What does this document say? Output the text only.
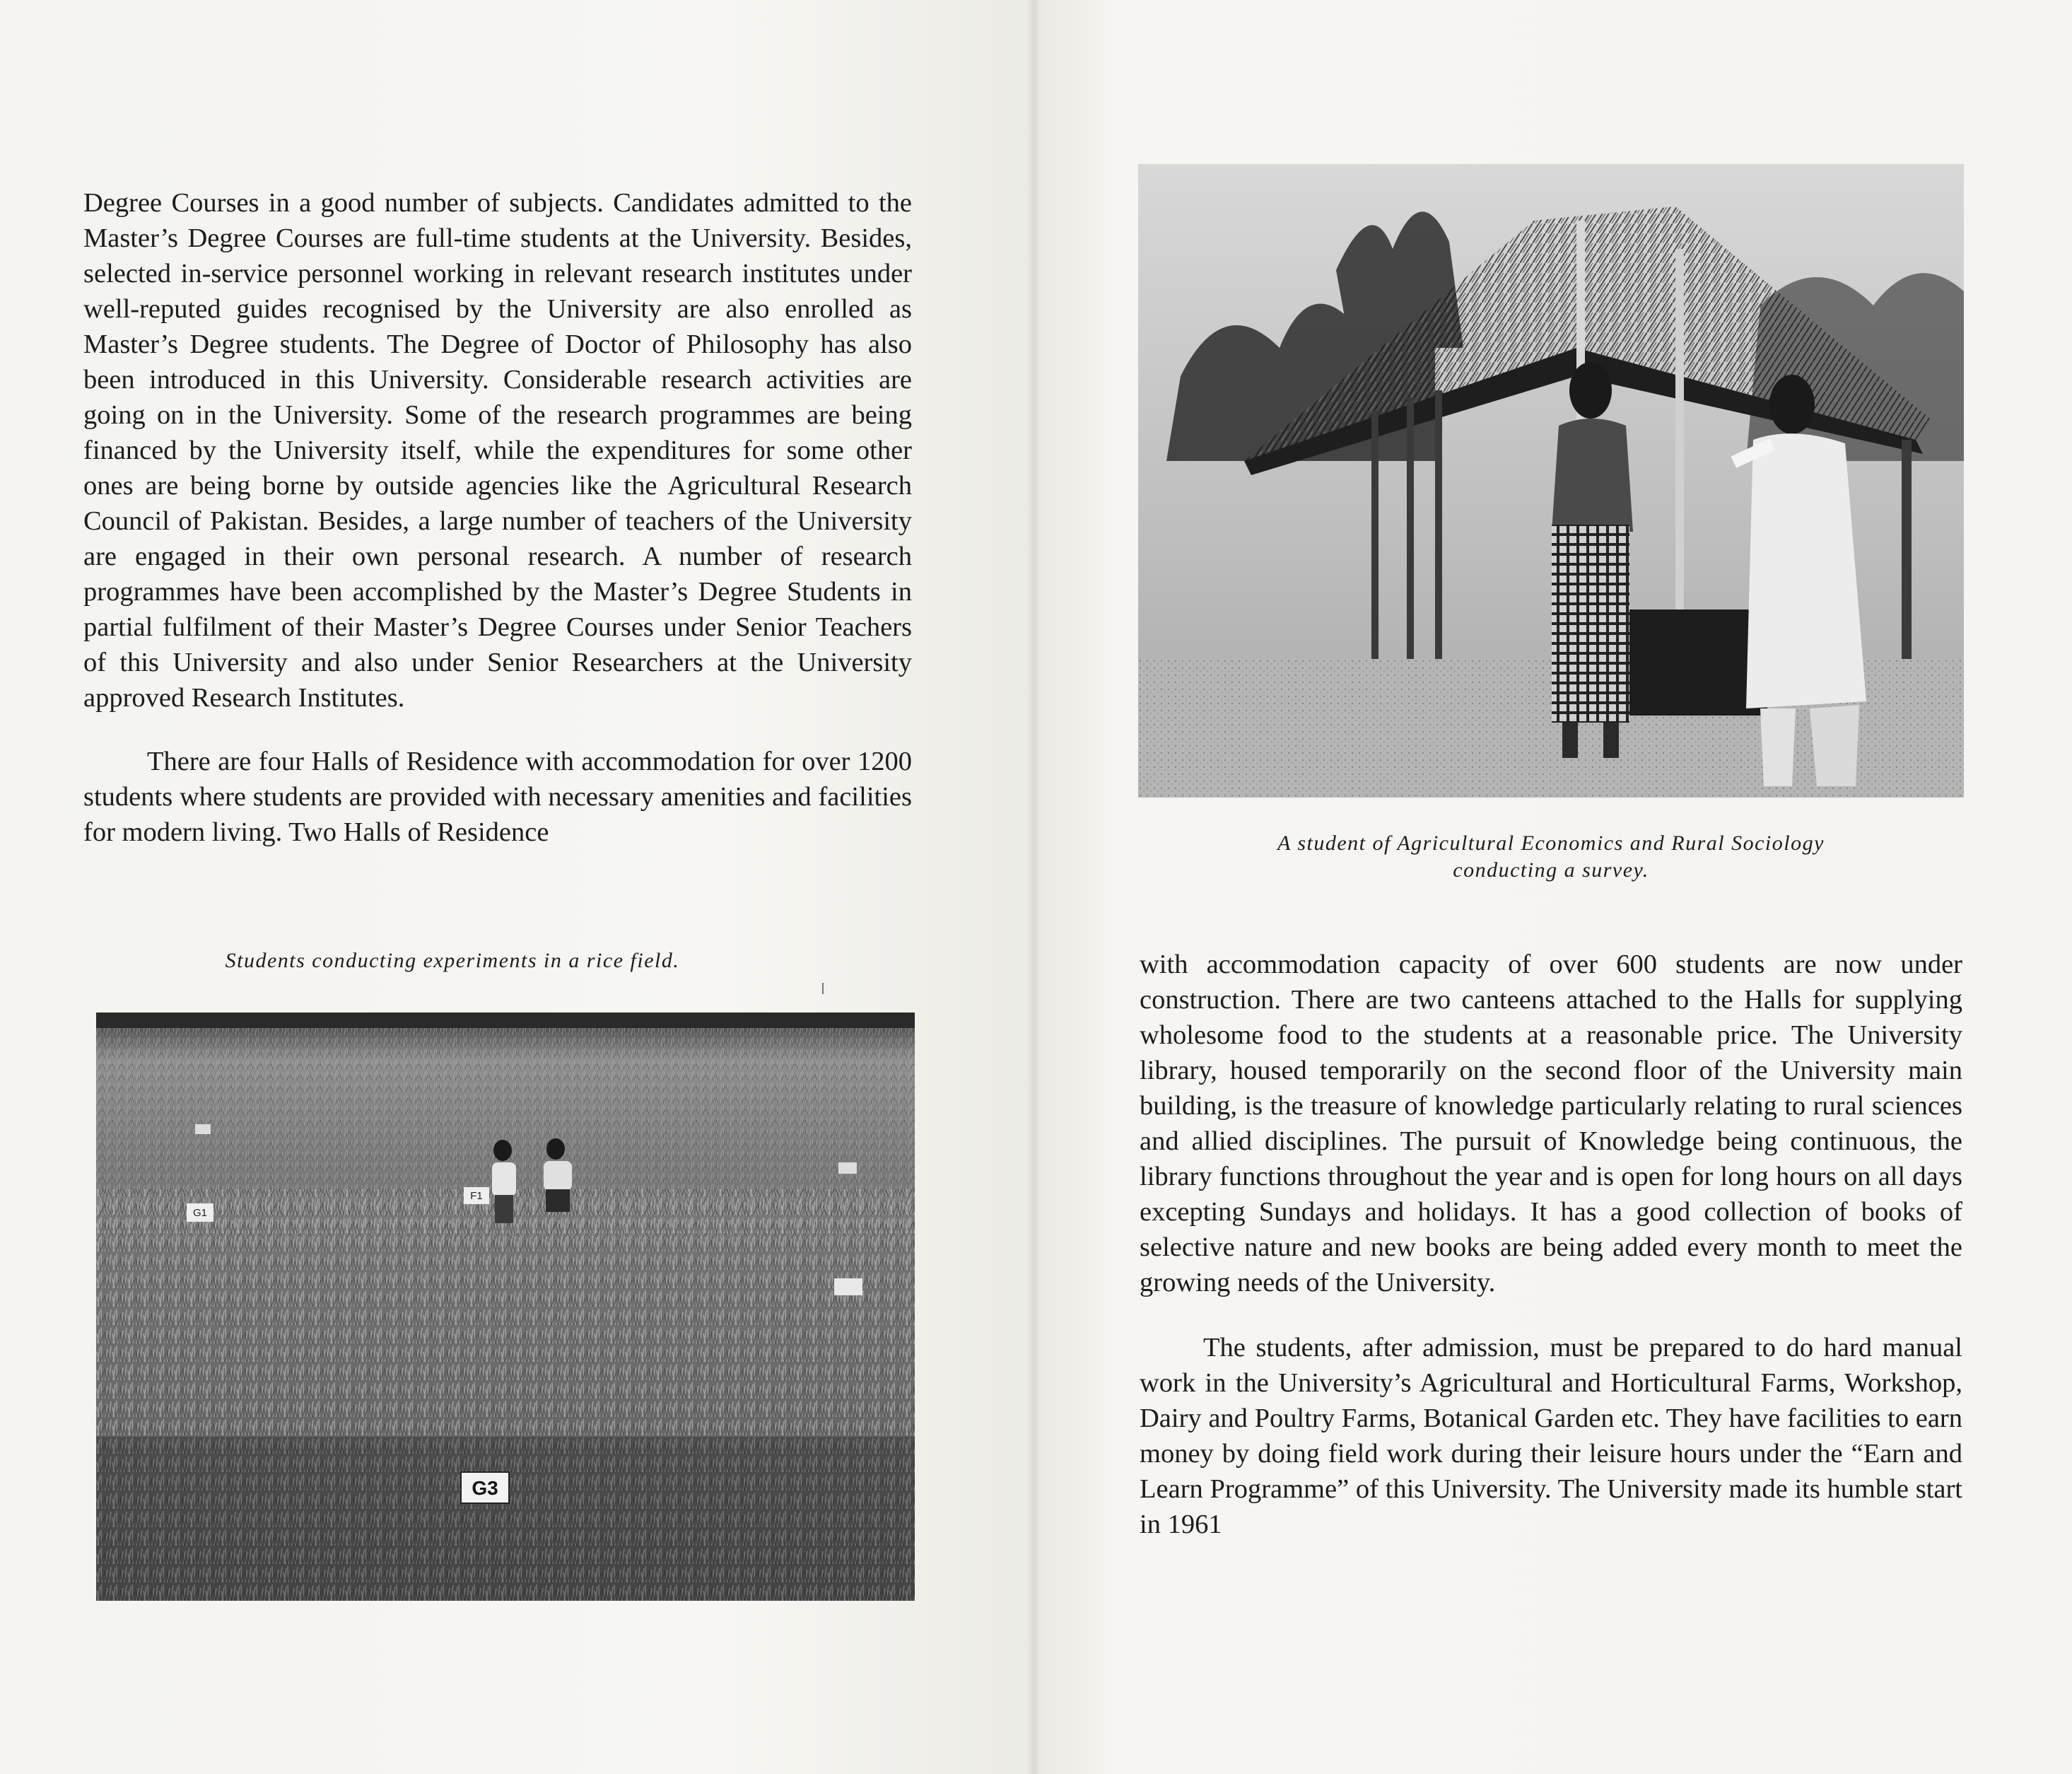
Degree Courses in a good number of subjects. Candidates admitted to the Master’s Degree Courses are full-time students at the University. Besides, selected in-service personnel working in relevant research institutes under well-reputed guides recognised by the University are also enrolled as Master’s Degree students. The Degree of Doctor of Philosophy has also been introduced in this University. Considerable research activities are going on in the University. Some of the research programmes are being financed by the University itself, while the expenditures for some other ones are being borne by outside agencies like the Agricultural Research Council of Pakistan. Besides, a large number of teachers of the University are engaged in their own personal research. A number of research programmes have been accomplished by the Master’s Degree Students in partial fulfilment of their Master’s Degree Courses under Senior Teachers of this University and also under Senior Researchers at the University approved Research Institutes.

There are four Halls of Residence with accommodation for over 1200 students where students are provided with necessary amenities and facilities for modern living. Two Halls of Residence

Students conducting experiments in a rice field.
F1
G1
G3
A student of Agricultural Economics and Rural Sociology
conducting a survey.

with accommodation capacity of over 600 students are now under construction. There are two canteens attached to the Halls for supplying wholesome food to the students at a reasonable price. The University library, housed temporarily on the second floor of the University main building, is the treasure of knowledge particularly relating to rural sciences and allied disciplines. The pursuit of Knowledge being continuous, the library functions throughout the year and is open for long hours on all days excepting Sundays and holidays. It has a good collection of books of selective nature and new books are being added every month to meet the growing needs of the University.

The students, after admission, must be prepared to do hard manual work in the University’s Agricultural and Horticultural Farms, Workshop, Dairy and Poultry Farms, Botanical Garden etc. They have facilities to earn money by doing field work during their leisure hours under the “Earn and Learn Programme” of this University. The University made its humble start in 1961
